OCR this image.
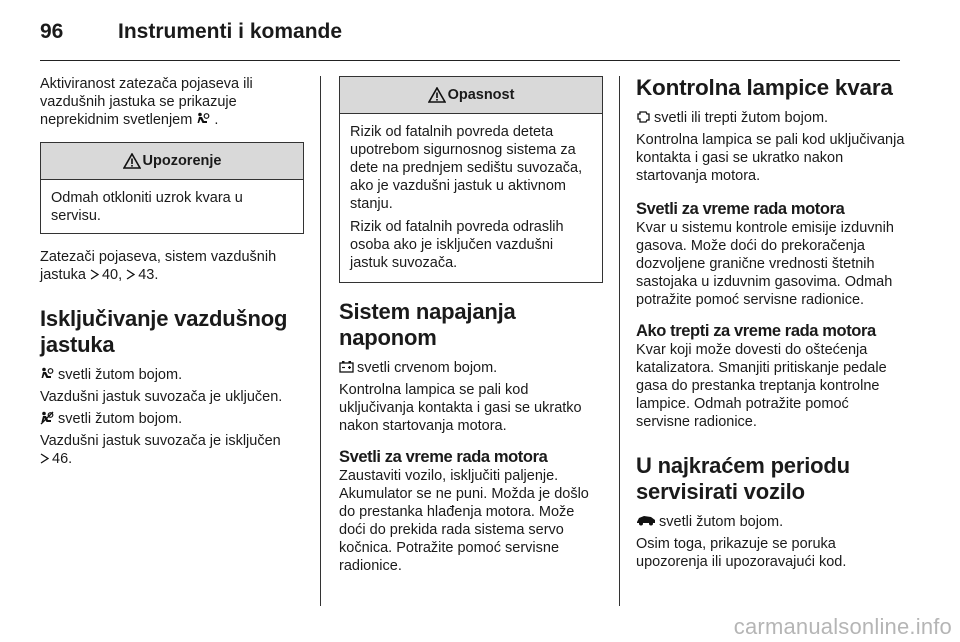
96	Instrumenti i komande

Aktiviranost zatezača pojaseva ili vazdušnih jastuka se prikazuje neprekidnim svetlenjem .

Upozorenje

Odmah otkloniti uzrok kvara u servisu.

Zatezači pojaseva, sistem vazdušnih jastuka 40, 43.

Isključivanje vazdušnog jastuka

svetli žutom bojom.

Vazdušni jastuk suvozača je uključen.

svetli žutom bojom.

Vazdušni jastuk suvozača je isključen

46.

Opasnost

Rizik od fatalnih povreda deteta upotrebom sigurnosnog sistema za dete na prednjem sedištu suvozača, ako je vazdušni jastuk u aktivnom stanju.

Rizik od fatalnih povreda odraslih osoba ako je isključen vazdušni jastuk suvozača.

Sistem napajanja naponom

svetli crvenom bojom.

Kontrolna lampica se pali kod uključivanja kontakta i gasi se ukratko nakon startovanja motora.

Svetli za vreme rada motora

Zaustaviti vozilo, isključiti paljenje. Akumulator se ne puni. Možda je došlo do prestanka hlađenja motora. Može doći do prekida rada sistema servo kočnica. Potražite pomoć servisne radionice.

Kontrolna lampice kvara

svetli ili trepti žutom bojom.

Kontrolna lampica se pali kod uključivanja kontakta i gasi se ukratko nakon startovanja motora.

Svetli za vreme rada motora

Kvar u sistemu kontrole emisije izduvnih gasova. Može doći do prekoračenja dozvoljene granične vrednosti štetnih sastojaka u izduvnim gasovima. Odmah potražite pomoć servisne radionice.

Ako trepti za vreme rada motora

Kvar koji može dovesti do oštećenja katalizatora. Smanjiti pritiskanje pedale gasa do prestanka treptanja kontrolne lampice. Odmah potražite pomoć servisne radionice.

U najkraćem periodu servisirati vozilo

svetli žutom bojom.

Osim toga, prikazuje se poruka upozorenja ili upozoravajući kod.

carmanualsonline.info
